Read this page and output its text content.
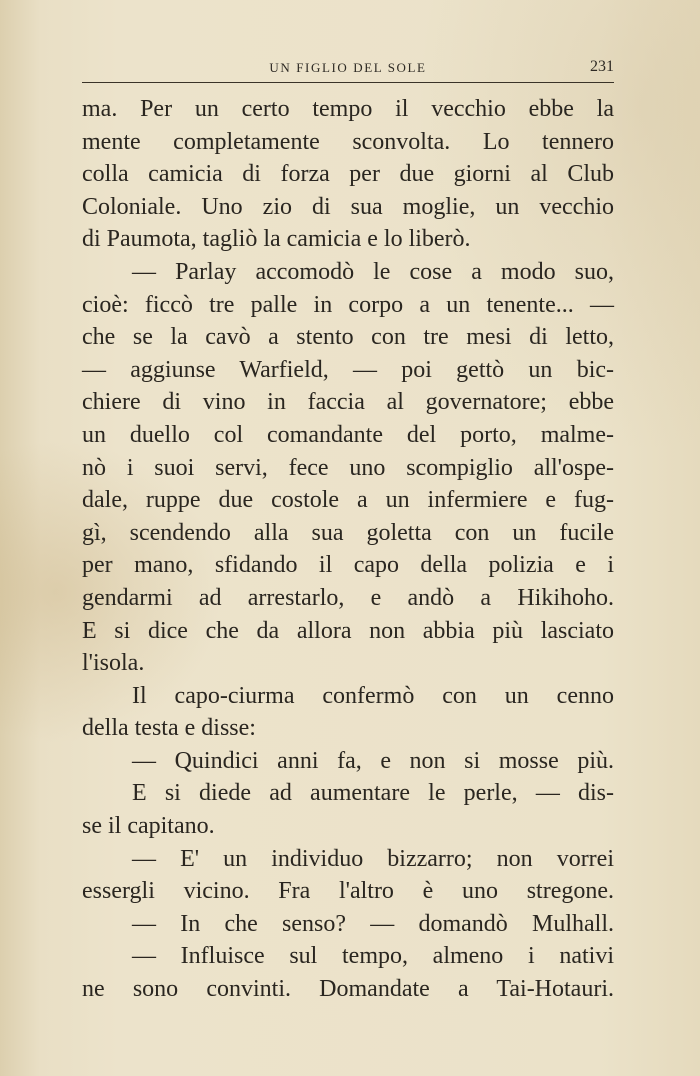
UN FIGLIO DEL SOLE	231
ma. Per un certo tempo il vecchio ebbe la
mente completamente sconvolta. Lo tennero
colla camicia di forza per due giorni al Club
Coloniale. Uno zio di sua moglie, un vecchio
di Paumota, tagliò la camicia e lo liberò.
— Parlay accomodò le cose a modo suo,
cioè: ficcò tre palle in corpo a un tenente... —
che se la cavò a stento con tre mesi di letto,
— aggiunse Warfield, — poi gettò un bic-
chiere di vino in faccia al governatore; ebbe
un duello col comandante del porto, malme-
nò i suoi servi, fece uno scompiglio all'ospe-
dale, ruppe due costole a un infermiere e fug-
gì, scendendo alla sua goletta con un fucile
per mano, sfidando il capo della polizia e i
gendarmi ad arrestarlo, e andò a Hikihoho.
E si dice che da allora non abbia più lasciato
l'isola.
Il capo-ciurma confermò con un cenno
della testa e disse:
— Quindici anni fa, e non si mosse più.
E si diede ad aumentare le perle, — dis-
se il capitano.
— E' un individuo bizzarro; non vorrei
essergli vicino. Fra l'altro è uno stregone.
— In che senso? — domandò Mulhall.
— Influisce sul tempo, almeno i nativi
ne sono convinti. Domandate a Tai-Hotauri.
